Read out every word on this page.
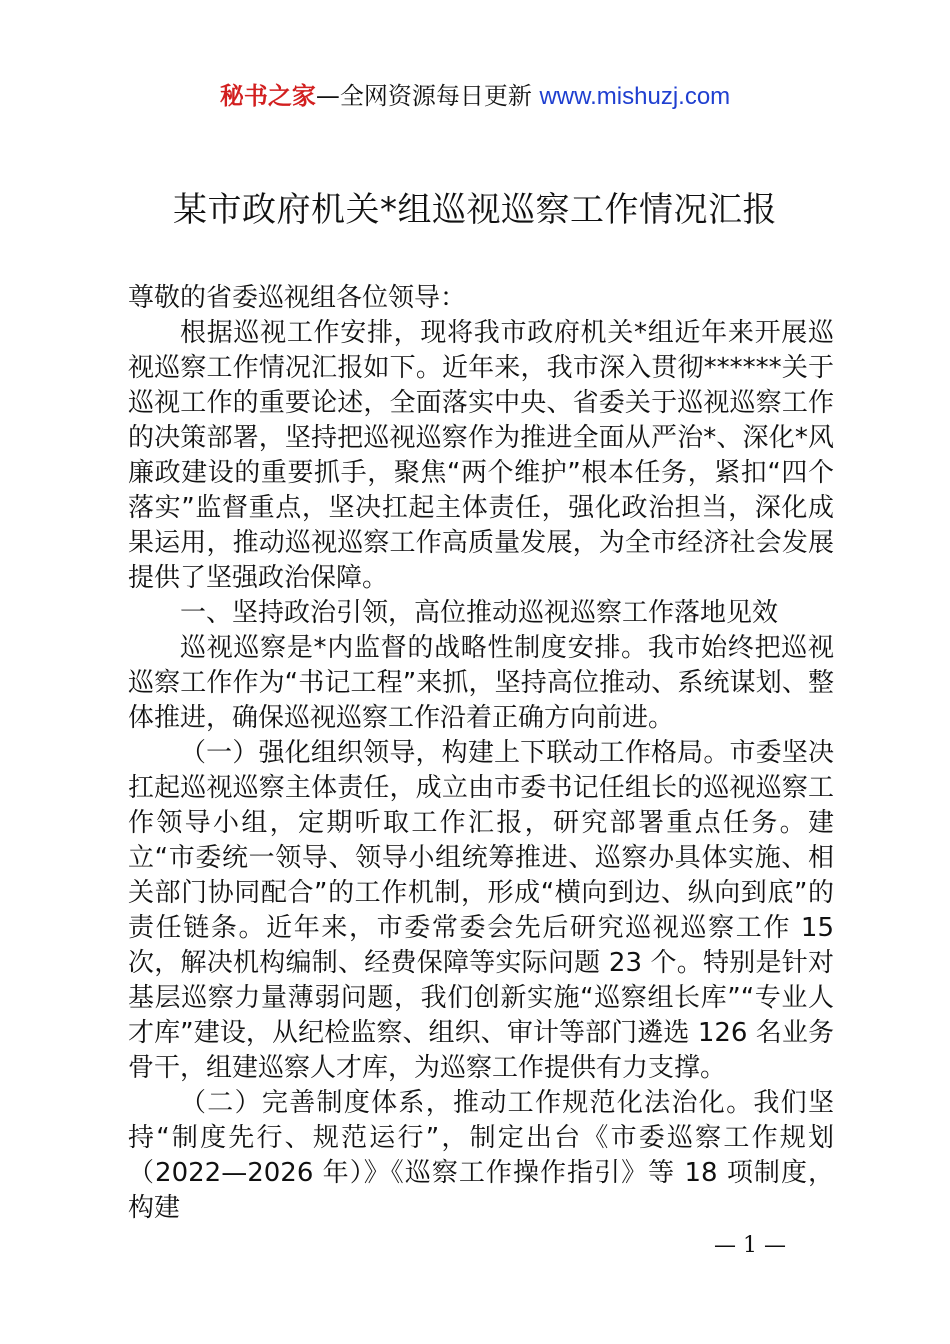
秘书之家—全网资源每日更新 www.mishuzj.com
某市政府机关*组巡视巡察工作情况汇报

尊敬的省委巡视组各位领导：

根据巡视工作安排，现将我市政府机关*组近年来开展巡视巡察工作情况汇报如下。近年来，我市深入贯彻******关于巡视工作的重要论述，全面落实中央、省委关于巡视巡察工作的决策部署，坚持把巡视巡察作为推进全面从严治*、深化*风廉政建设的重要抓手，聚焦“两个维护”根本任务，紧扣“四个落实”监督重点，坚决扛起主体责任，强化政治担当，深化成果运用，推动巡视巡察工作高质量发展，为全市经济社会发展提供了坚强政治保障。

一、坚持政治引领，高位推动巡视巡察工作落地见效

巡视巡察是*内监督的战略性制度安排。我市始终把巡视巡察工作作为“书记工程”来抓，坚持高位推动、系统谋划、整体推进，确保巡视巡察工作沿着正确方向前进。

（一）强化组织领导，构建上下联动工作格局。市委坚决扛起巡视巡察主体责任，成立由市委书记任组长的巡视巡察工作领导小组，定期听取工作汇报，研究部署重点任务。建立“市委统一领导、领导小组统筹推进、巡察办具体实施、相关部门协同配合”的工作机制，形成“横向到边、纵向到底”的责任链条。近年来，市委常委会先后研究巡视巡察工作 15 次，解决机构编制、经费保障等实际问题 23 个。特别是针对基层巡察力量薄弱问题，我们创新实施“巡察组长库”“专业人才库”建设，从纪检监察、组织、审计等部门遴选 126 名业务骨干，组建巡察人才库，为巡察工作提供有力支撑。

（二）完善制度体系，推动工作规范化法治化。我们坚持“制度先行、规范运行”，制定出台《市委巡察工作规划（2022—2026 年）》《巡察工作操作指引》等 18 项制度，构建

— 1 —
